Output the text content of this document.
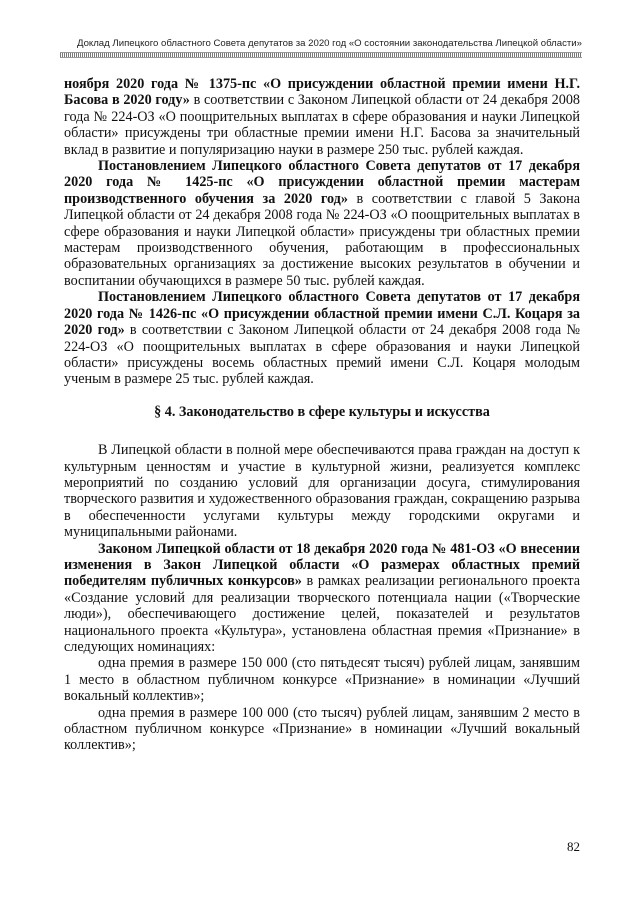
Доклад Липецкого областного Совета депутатов за 2020 год «О состоянии законодательства Липецкой области»

ноября 2020 года № 1375-пс «О присуждении областной премии имени Н.Г. Басова в 2020 году» в соответствии с Законом Липецкой области от 24 декабря 2008 года № 224-ОЗ «О поощрительных выплатах в сфере образования и науки Липецкой области» присуждены три областные премии имени Н.Г. Басова за значительный вклад в развитие и популяризацию науки в размере 250 тыс. рублей каждая.

Постановлением Липецкого областного Совета депутатов от 17 декабря 2020 года № 1425-пс «О присуждении областной премии мастерам производственного обучения за 2020 год» в соответствии с главой 5 Закона Липецкой области от 24 декабря 2008 года № 224-ОЗ «О поощрительных выплатах в сфере образования и науки Липецкой области» присуждены три областных премии мастерам производственного обучения, работающим в профессиональных образовательных организациях за достижение высоких результатов в обучении и воспитании обучающихся в размере 50 тыс. рублей каждая.

Постановлением Липецкого областного Совета депутатов от 17 декабря 2020 года № 1426-пс «О присуждении областной премии имени С.Л. Коцаря за 2020 год» в соответствии с Законом Липецкой области от 24 декабря 2008 года № 224-ОЗ «О поощрительных выплатах в сфере образования и науки Липецкой области» присуждены восемь областных премий имени С.Л. Коцаря молодым ученым в размере 25 тыс. рублей каждая.

§ 4. Законодательство в сфере культуры и искусства

В Липецкой области в полной мере обеспечиваются права граждан на доступ к культурным ценностям и участие в культурной жизни, реализуется комплекс мероприятий по созданию условий для организации досуга, стимулирования творческого развития и художественного образования граждан, сокращению разрыва в обеспеченности услугами культуры между городскими округами и муниципальными районами.

Законом Липецкой области от 18 декабря 2020 года № 481-ОЗ «О внесении изменения в Закон Липецкой области «О размерах областных премий победителям публичных конкурсов» в рамках реализации регионального проекта «Создание условий для реализации творческого потенциала нации («Творческие люди»), обеспечивающего достижение целей, показателей и результатов национального проекта «Культура», установлена областная премия «Признание» в следующих номинациях:

одна премия в размере 150 000 (сто пятьдесят тысяч) рублей лицам, занявшим 1 место в областном публичном конкурсе «Признание» в номинации «Лучший вокальный коллектив»;

одна премия в размере 100 000 (сто тысяч) рублей лицам, занявшим 2 место в областном публичном конкурсе «Признание» в номинации «Лучший вокальный коллектив»;

82
